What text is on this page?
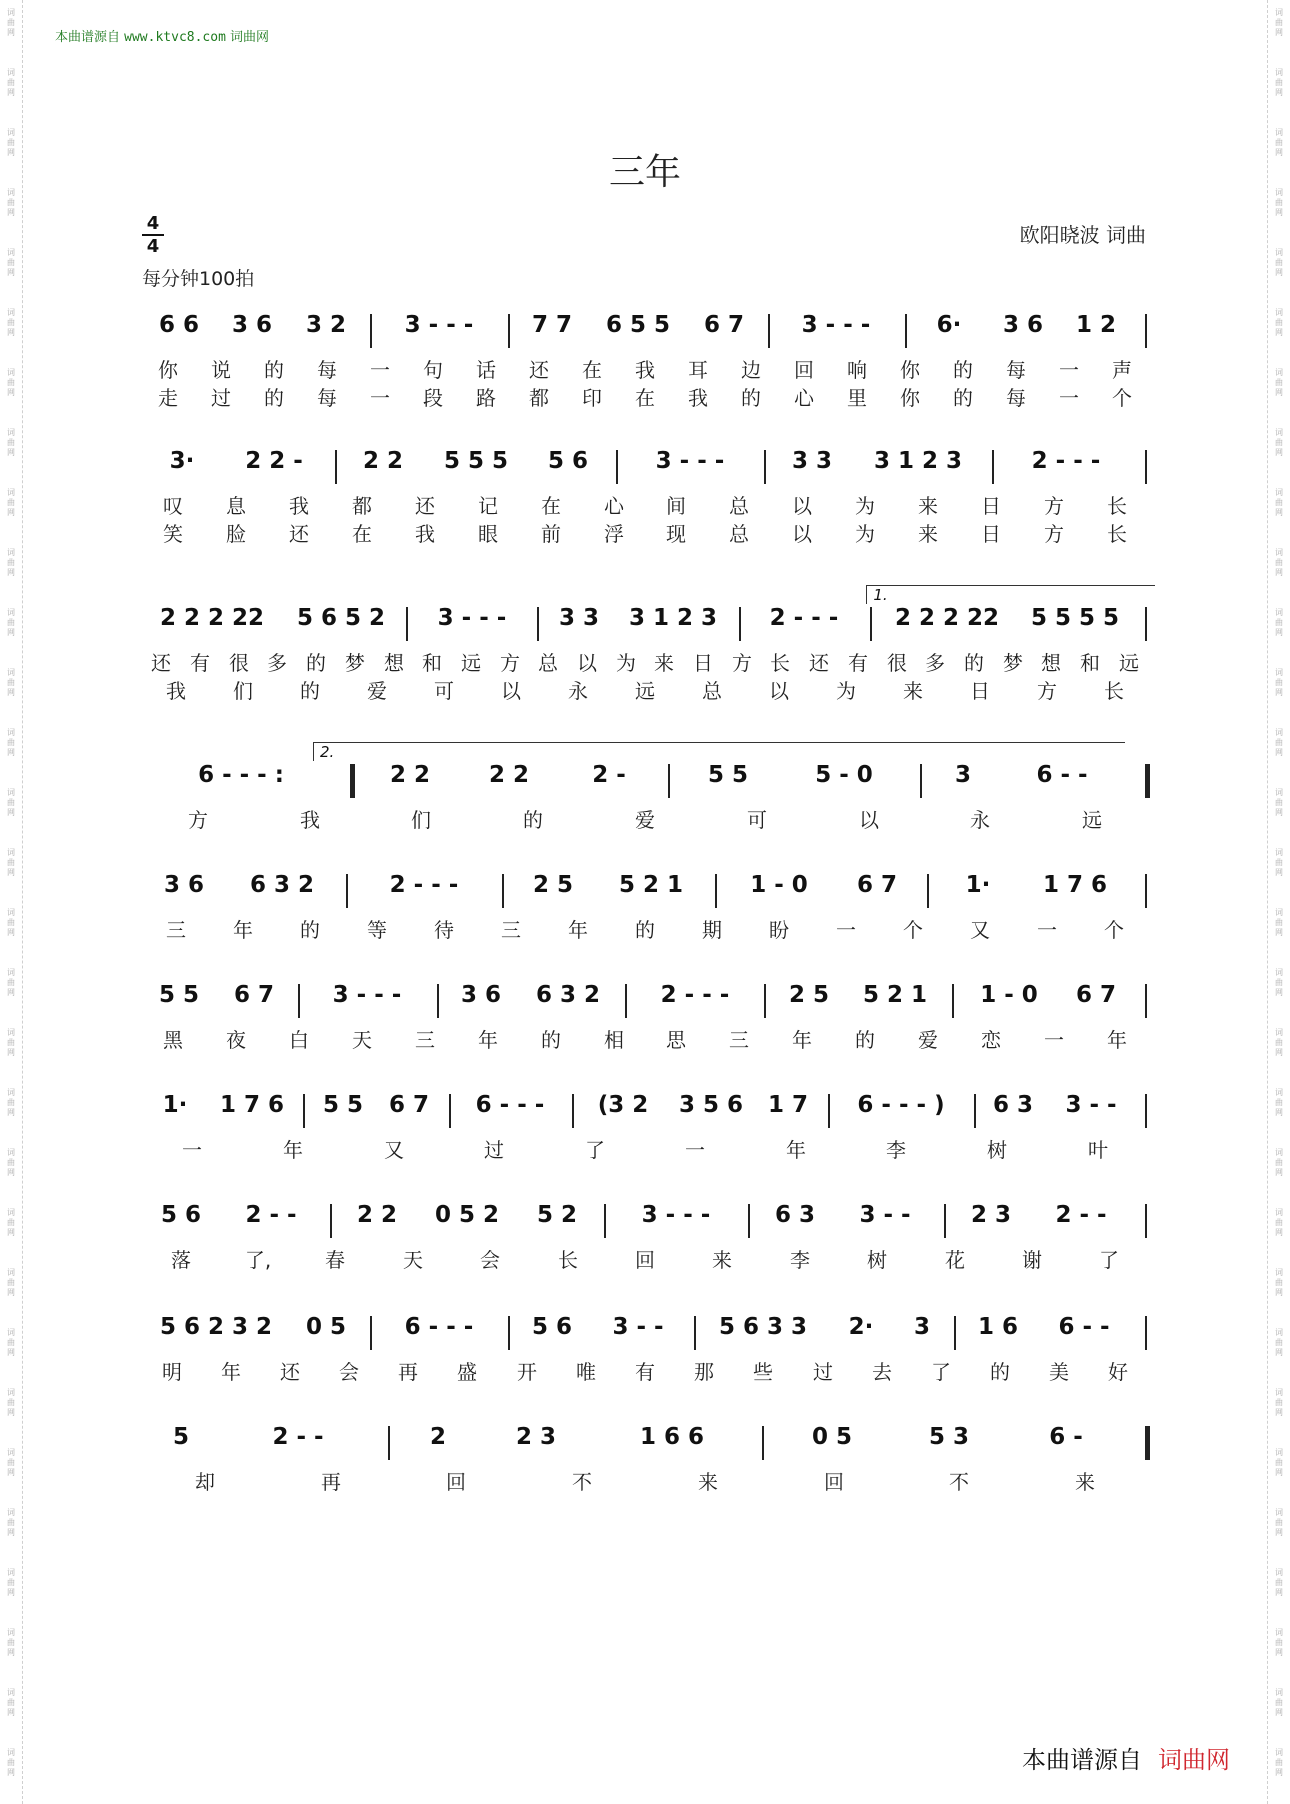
词
曲
网
词
曲
网
词
曲
网
词
曲
网
词
曲
网
词
曲
网
词
曲
网
词
曲
网
词
曲
网
词
曲
网
词
曲
网
词
曲
网
词
曲
网
词
曲
网
词
曲
网
词
曲
网
词
曲
网
词
曲
网
词
曲
网
词
曲
网
词
曲
网
词
曲
网
词
曲
网
词
曲
网
词
曲
网
词
曲
网
词
曲
网
词
曲
网
词
曲
网
词
曲
网
词
曲
网
词
曲
网
词
曲
网
词
曲
网
词
曲
网
词
曲
网
词
曲
网
词
曲
网
词
曲
网
词
曲
网
词
曲
网
词
曲
网
词
曲
网
词
曲
网
词
曲
网
词
曲
网
词
曲
网
词
曲
网
词
曲
网
词
曲
网
词
曲
网
词
曲
网
词
曲
网
词
曲
网
词
曲
网
词
曲
网
词
曲
网
词
曲
网
词
曲
网
词
曲
网
本曲谱源自 www.ktvc8.com 词曲网
三年
4
4
每分钟100拍
欧阳晓波 词曲
6 6 3 6 3 2	3 - - -	7 7 6 5 5 6 7	3 - - -	6· 3 6 1 2
你 说 的 每 一 句 话 还 在 我 耳 边 回 响 你 的 每 一 声
走 过 的 每 一 段 路 都 印 在 我 的 心 里 你 的 每 一 个
3· 2 2 -	2 2 5 5 5 5 6	3 - - -	3 3 3 1 2 3	2 - - -
叹 息 我 都 还 记 在 心 间 总 以 为 来 日 方 长
笑 脸 还 在 我 眼 前 浮 现 总 以 为 来 日 方 长
2 2 2 22 5 6 5 2 3 - - - 3 3 3 1 2 3 2 - - - 2 2 2 22 5 5 5 5
1.
还 有 很 多 的 梦 想 和 远 方 总 以 为 来 日 方 长 还 有 很 多 的 梦 想 和 远
我 们 的 爱 可 以 永 远 总 以 为 来 日 方 长
6 - - - :	2 2	2 2	2 -	5 5	5 - 0	3	6 - -
2.
方	我	们	的	爱	可	以	永	远
3 6 6 3 2	2 - - -	2 5 5 2 1	1 - 0 6 7	1· 1 7 6
三 年 的 等 待 三 年 的 期 盼 一 个 又 一 个
5 5 6 7	3 - - -	3 6 6 3 2	2 - - -	2 5 5 2 1 1 - 0 6 7
黑 夜 白 天 三 年 的 相 思 三 年 的 爱 恋 一 年
1· 1 7 6 5 5 6 7 6 - - - (3 2 3 5 6 1 7 6 - - - ) 6 3 3 - -
一	年	又	过	了	一	年	李	树	叶
5 6 2 - -	2 2 0 5 2 5 2	3 - - -	6 3 3 - -	2 3 2 - -
落	了,	春	天	会	长	回	来	李	树	花	谢	了
5 6 2 3 2 0 5	6 - - -	5 6 3 - - 5 6 3 3 2· 3 1 6 6 - -
明 年 还 会 再 盛 开 唯 有 那 些 过 去 了 的 美 好
5	2 - -	2	2 3	1 6 6	0 5	5 3	6 -
却	再	回	不	来	回	不	来
本曲谱源自 词曲网
